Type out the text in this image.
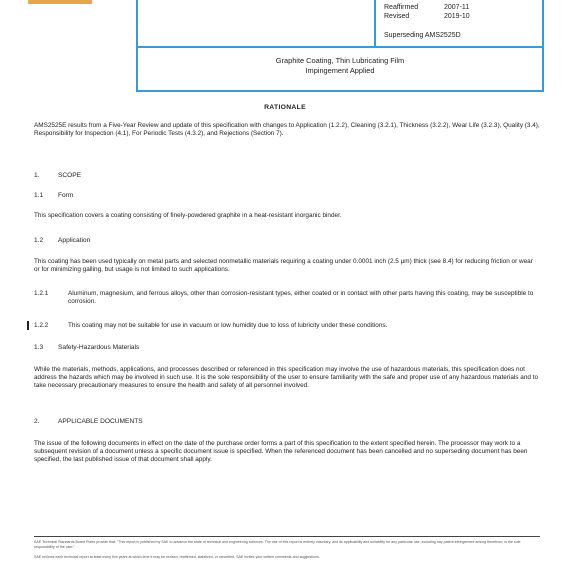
Reaffirmed	2007-11
Revised	2019-10
Superseding AMS2525D
Graphite Coating, Thin Lubricating Film
Impingement Applied
RATIONALE
AMS2525E results from a Five-Year Review and update of this specification with changes to Application (1.2.2), Cleaning (3.2.1), Thickness (3.2.2), Wear Life (3.2.3), Quality (3.4), Responsibility for Inspection (4.1), For Periodic Tests (4.3.2), and Rejections (Section 7).
1.	SCOPE
1.1 Form
This specification covers a coating consisting of finely-powdered graphite in a heat-resistant inorganic binder.
1.2 Application
This coating has been used typically on metal parts and selected nonmetallic materials requiring a coating under 0.0001 inch (2.5 µm) thick (see 8.4) for reducing friction or wear or for minimizing galling, but usage is not limited to such applications.
1.2.1	Aluminum, magnesium, and ferrous alloys, other than corrosion-resistant types, either coated or in contact with other parts having this coating, may be susceptible to corrosion.
1.2.2	This coating may not be suitable for use in vacuum or low humidity due to loss of lubricity under these conditions.
1.3 Safety-Hazardous Materials
While the materials, methods, applications, and processes described or referenced in this specification may involve the use of hazardous materials, this specification does not address the hazards which may be involved in such use. It is the sole responsibility of the user to ensure familiarity with the safe and proper use of any hazardous materials and to take necessary precautionary measures to ensure the health and safety of all personnel involved.
2.	APPLICABLE DOCUMENTS
The issue of the following documents in effect on the date of the purchase order forms a part of this specification to the extent specified herein. The processor may work to a subsequent revision of a document unless a specific document issue is specified. When the referenced document has been cancelled and no superseding document has been specified, the last published issue of that document shall apply.
SAE Technical Standards Board Rules provide that: "This report is published by SAE to advance the state of technical and engineering sciences. The use of this report is entirely voluntary, and its applicability and suitability for any particular use, including any patent infringement arising therefrom, is the sole responsibility of the user."
SAE reviews each technical report at least every five years at which time it may be revised, reaffirmed, stabilized, or cancelled. SAE invites your written comments and suggestions.
